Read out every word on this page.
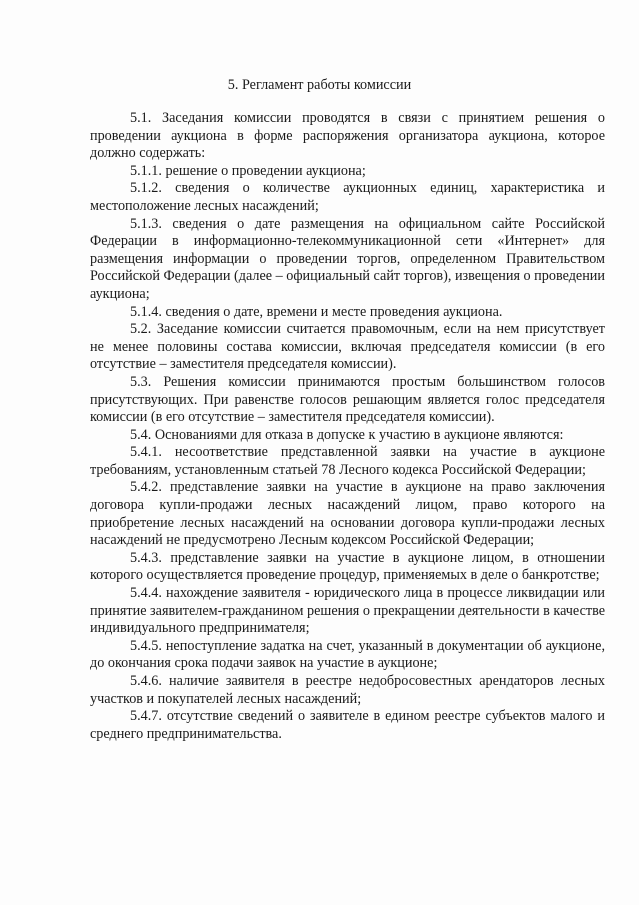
5. Регламент работы комиссии

5.1. Заседания комиссии проводятся в связи с принятием решения о проведении аукциона в форме распоряжения организатора аукциона, которое должно содержать:

5.1.1. решение о проведении аукциона;

5.1.2. сведения о количестве аукционных единиц, характеристика и местоположение лесных насаждений;

5.1.3. сведения о дате размещения на официальном сайте Российской Федерации в информационно-телекоммуникационной сети «Интернет» для размещения информации о проведении торгов, определенном Правительством Российской Федерации (далее – официальный сайт торгов), извещения о проведении аукциона;

5.1.4. сведения о дате, времени и месте проведения аукциона.

5.2. Заседание комиссии считается правомочным, если на нем присутствует не менее половины состава комиссии, включая председателя комиссии (в его отсутствие – заместителя председателя комиссии).

5.3. Решения комиссии принимаются простым большинством голосов присутствующих. При равенстве голосов решающим является голос председателя комиссии (в его отсутствие – заместителя председателя комиссии).

5.4. Основаниями для отказа в допуске к участию в аукционе являются:

5.4.1. несоответствие представленной заявки на участие в аукционе требованиям, установленным статьей 78 Лесного кодекса Российской Федерации;

5.4.2. представление заявки на участие в аукционе на право заключения договора купли-продажи лесных насаждений лицом, право которого на приобретение лесных насаждений на основании договора купли-продажи лесных насаждений не предусмотрено Лесным кодексом Российской Федерации;

5.4.3. представление заявки на участие в аукционе лицом, в отношении которого осуществляется проведение процедур, применяемых в деле о банкротстве;

5.4.4. нахождение заявителя - юридического лица в процессе ликвидации или принятие заявителем-гражданином решения о прекращении деятельности в качестве индивидуального предпринимателя;

5.4.5. непоступление задатка на счет, указанный в документации об аукционе, до окончания срока подачи заявок на участие в аукционе;

5.4.6. наличие заявителя в реестре недобросовестных арендаторов лесных участков и покупателей лесных насаждений;

5.4.7. отсутствие сведений о заявителе в едином реестре субъектов малого и среднего предпринимательства.
